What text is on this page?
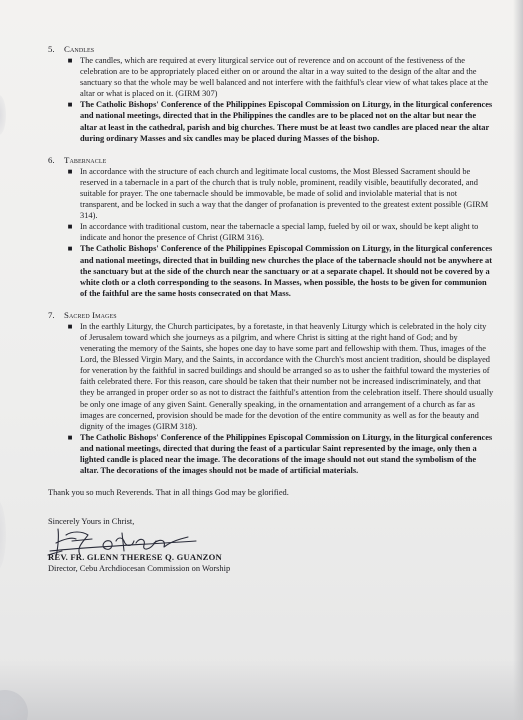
5. Candles
■ The candles, which are required at every liturgical service out of reverence and on account of the festiveness of the celebration are to be appropriately placed either on or around the altar in a way suited to the design of the altar and the sanctuary so that the whole may be well balanced and not interfere with the faithful's clear view of what takes place at the altar or what is placed on it. (GIRM 307)
■ The Catholic Bishops' Conference of the Philippines Episcopal Commission on Liturgy, in the liturgical conferences and national meetings, directed that in the Philippines the candles are to be placed not on the altar but near the altar at least in the cathedral, parish and big churches. There must be at least two candles are placed near the altar during ordinary Masses and six candles may be placed during Masses of the bishop.
6. Tabernacle
■ In accordance with the structure of each church and legitimate local customs, the Most Blessed Sacrament should be reserved in a tabernacle in a part of the church that is truly noble, prominent, readily visible, beautifully decorated, and suitable for prayer. The one tabernacle should be immovable, be made of solid and inviolable material that is not transparent, and be locked in such a way that the danger of profanation is prevented to the greatest extent possible (GIRM 314).
■ In accordance with traditional custom, near the tabernacle a special lamp, fueled by oil or wax, should be kept alight to indicate and honor the presence of Christ (GIRM 316).
■ The Catholic Bishops' Conference of the Philippines Episcopal Commission on Liturgy, in the liturgical conferences and national meetings, directed that in building new churches the place of the tabernacle should not be anywhere at the sanctuary but at the side of the church near the sanctuary or at a separate chapel. It should not be covered by a white cloth or a cloth corresponding to the seasons. In Masses, when possible, the hosts to be given for communion of the faithful are the same hosts consecrated on that Mass.
7. Sacred Images
■ In the earthly Liturgy, the Church participates, by a foretaste, in that heavenly Liturgy which is celebrated in the holy city of Jerusalem toward which she journeys as a pilgrim, and where Christ is sitting at the right hand of God; and by venerating the memory of the Saints, she hopes one day to have some part and fellowship with them. Thus, images of the Lord, the Blessed Virgin Mary, and the Saints, in accordance with the Church's most ancient tradition, should be displayed for veneration by the faithful in sacred buildings and should be arranged so as to usher the faithful toward the mysteries of faith celebrated there. For this reason, care should be taken that their number not be increased indiscriminately, and that they be arranged in proper order so as not to distract the faithful's attention from the celebration itself. There should usually be only one image of any given Saint. Generally speaking, in the ornamentation and arrangement of a church as far as images are concerned, provision should be made for the devotion of the entire community as well as for the beauty and dignity of the images (GIRM 318).
■ The Catholic Bishops' Conference of the Philippines Episcopal Commission on Liturgy, in the liturgical conferences and national meetings, directed that during the feast of a particular Saint represented by the image, only then a lighted candle is placed near the image. The decorations of the image should not out stand the symbolism of the altar. The decorations of the images should not be made of artificial materials.
Thank you so much Reverends. That in all things God may be glorified.
Sincerely Yours in Christ,
REV. FR. GLENN THERESE Q. GUANZON
Director, Cebu Archdiocesan Commission on Worship
